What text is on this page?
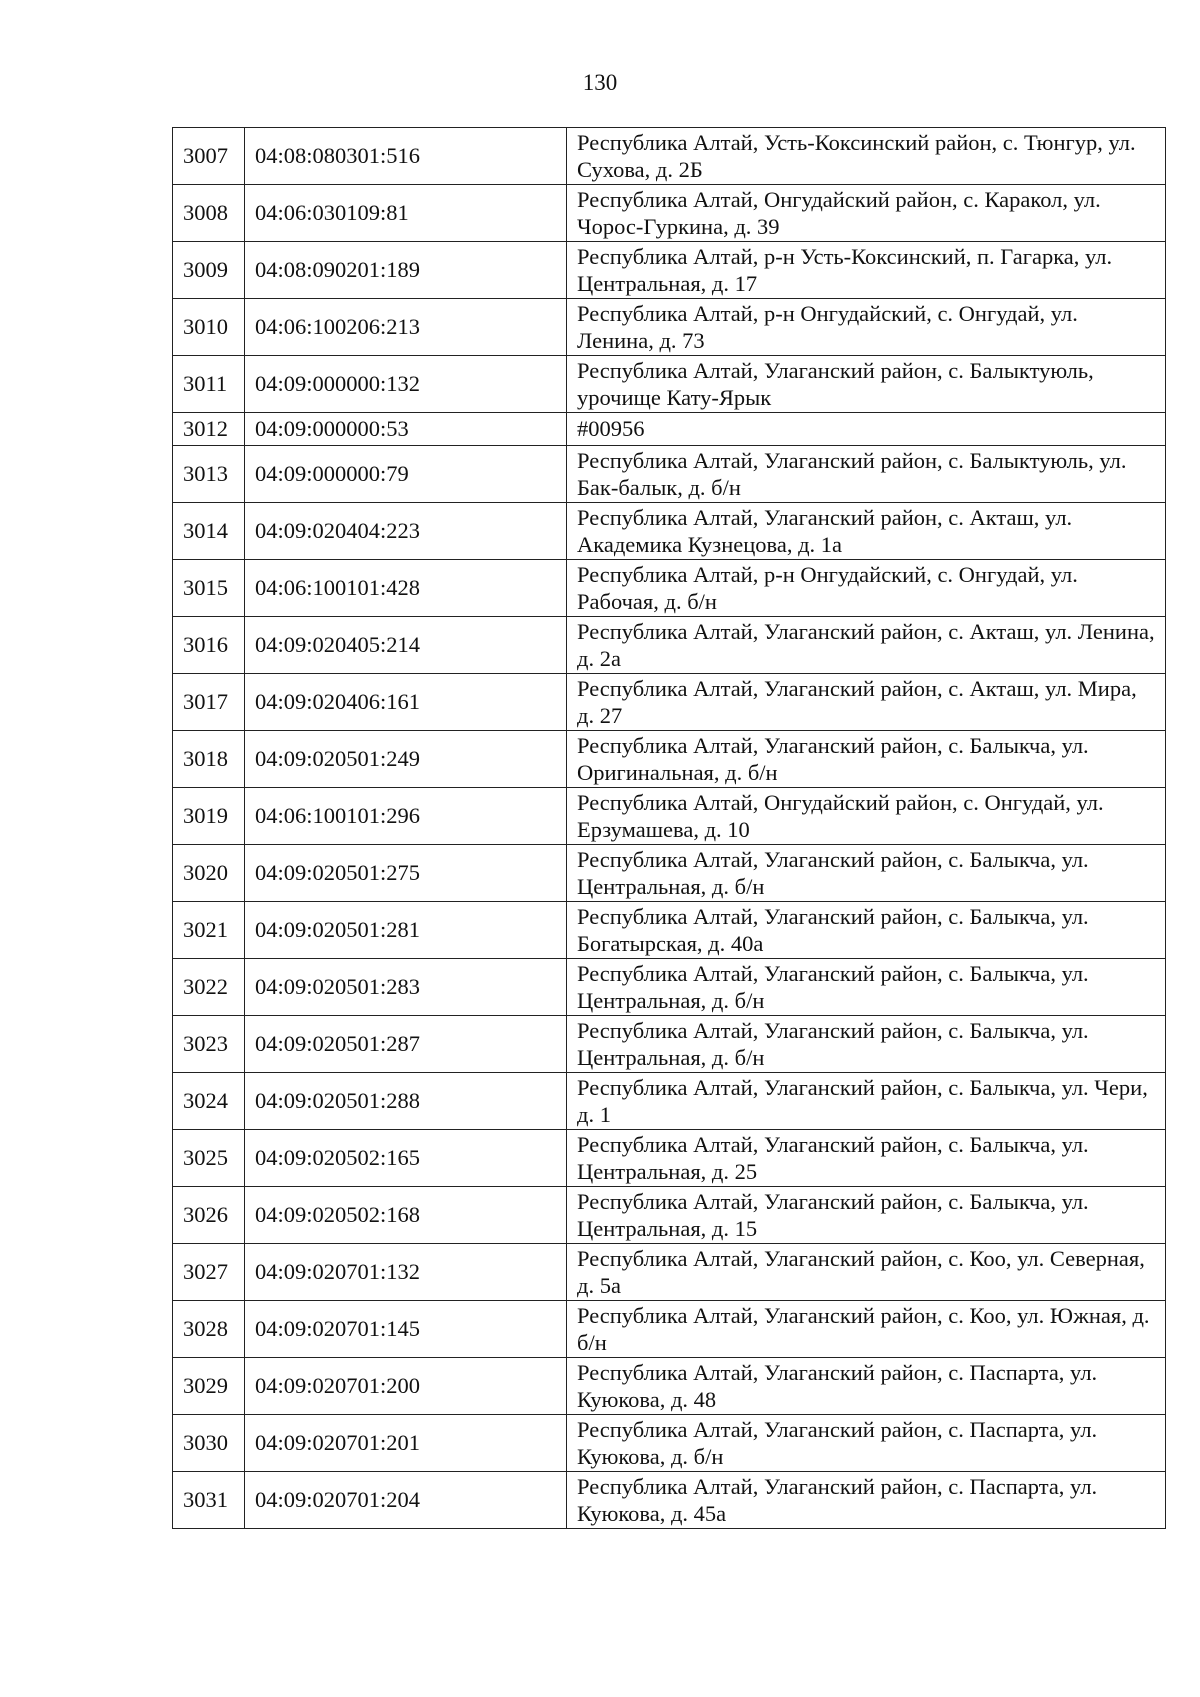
130
3007	04:08:080301:516	Республика Алтай, Усть-Коксинский район, с. Тюнгур, ул. Сухова, д. 2Б
3008	04:06:030109:81	Республика Алтай, Онгудайский район, с. Каракол, ул. Чорос-Гуркина, д. 39
3009	04:08:090201:189	Республика Алтай, р-н Усть-Коксинский, п. Гагарка, ул. Центральная, д. 17
3010	04:06:100206:213	Республика Алтай, р-н Онгудайский, с. Онгудай, ул. Ленина, д. 73
3011	04:09:000000:132	Республика Алтай, Улаганский район, с. Балыктуюль, урочище Кату-Ярык
3012	04:09:000000:53	#00956
3013	04:09:000000:79	Республика Алтай, Улаганский район, с. Балыктуюль, ул. Бак-балык, д. б/н
3014	04:09:020404:223	Республика Алтай, Улаганский район, с. Акташ, ул. Академика Кузнецова, д. 1а
3015	04:06:100101:428	Республика Алтай, р-н Онгудайский, с. Онгудай, ул. Рабочая, д. б/н
3016	04:09:020405:214	Республика Алтай, Улаганский район, с. Акташ, ул. Ленина, д. 2а
3017	04:09:020406:161	Республика Алтай, Улаганский район, с. Акташ, ул. Мира, д. 27
3018	04:09:020501:249	Республика Алтай, Улаганский район, с. Балыкча, ул. Оригинальная, д. б/н
3019	04:06:100101:296	Республика Алтай, Онгудайский район, с. Онгудай, ул. Ерзумашева, д. 10
3020	04:09:020501:275	Республика Алтай, Улаганский район, с. Балыкча, ул. Центральная, д. б/н
3021	04:09:020501:281	Республика Алтай, Улаганский район, с. Балыкча, ул. Богатырская, д. 40а
3022	04:09:020501:283	Республика Алтай, Улаганский район, с. Балыкча, ул. Центральная, д. б/н
3023	04:09:020501:287	Республика Алтай, Улаганский район, с. Балыкча, ул. Центральная, д. б/н
3024	04:09:020501:288	Республика Алтай, Улаганский район, с. Балыкча, ул. Чери, д. 1
3025	04:09:020502:165	Республика Алтай, Улаганский район, с. Балыкча, ул. Центральная, д. 25
3026	04:09:020502:168	Республика Алтай, Улаганский район, с. Балыкча, ул. Центральная, д. 15
3027	04:09:020701:132	Республика Алтай, Улаганский район, с. Коо, ул. Северная, д. 5а
3028	04:09:020701:145	Республика Алтай, Улаганский район, с. Коо, ул. Южная, д. б/н
3029	04:09:020701:200	Республика Алтай, Улаганский район, с. Паспарта, ул. Куюкова, д. 48
3030	04:09:020701:201	Республика Алтай, Улаганский район, с. Паспарта, ул. Куюкова, д. б/н
3031	04:09:020701:204	Республика Алтай, Улаганский район, с. Паспарта, ул. Куюкова, д. 45а
